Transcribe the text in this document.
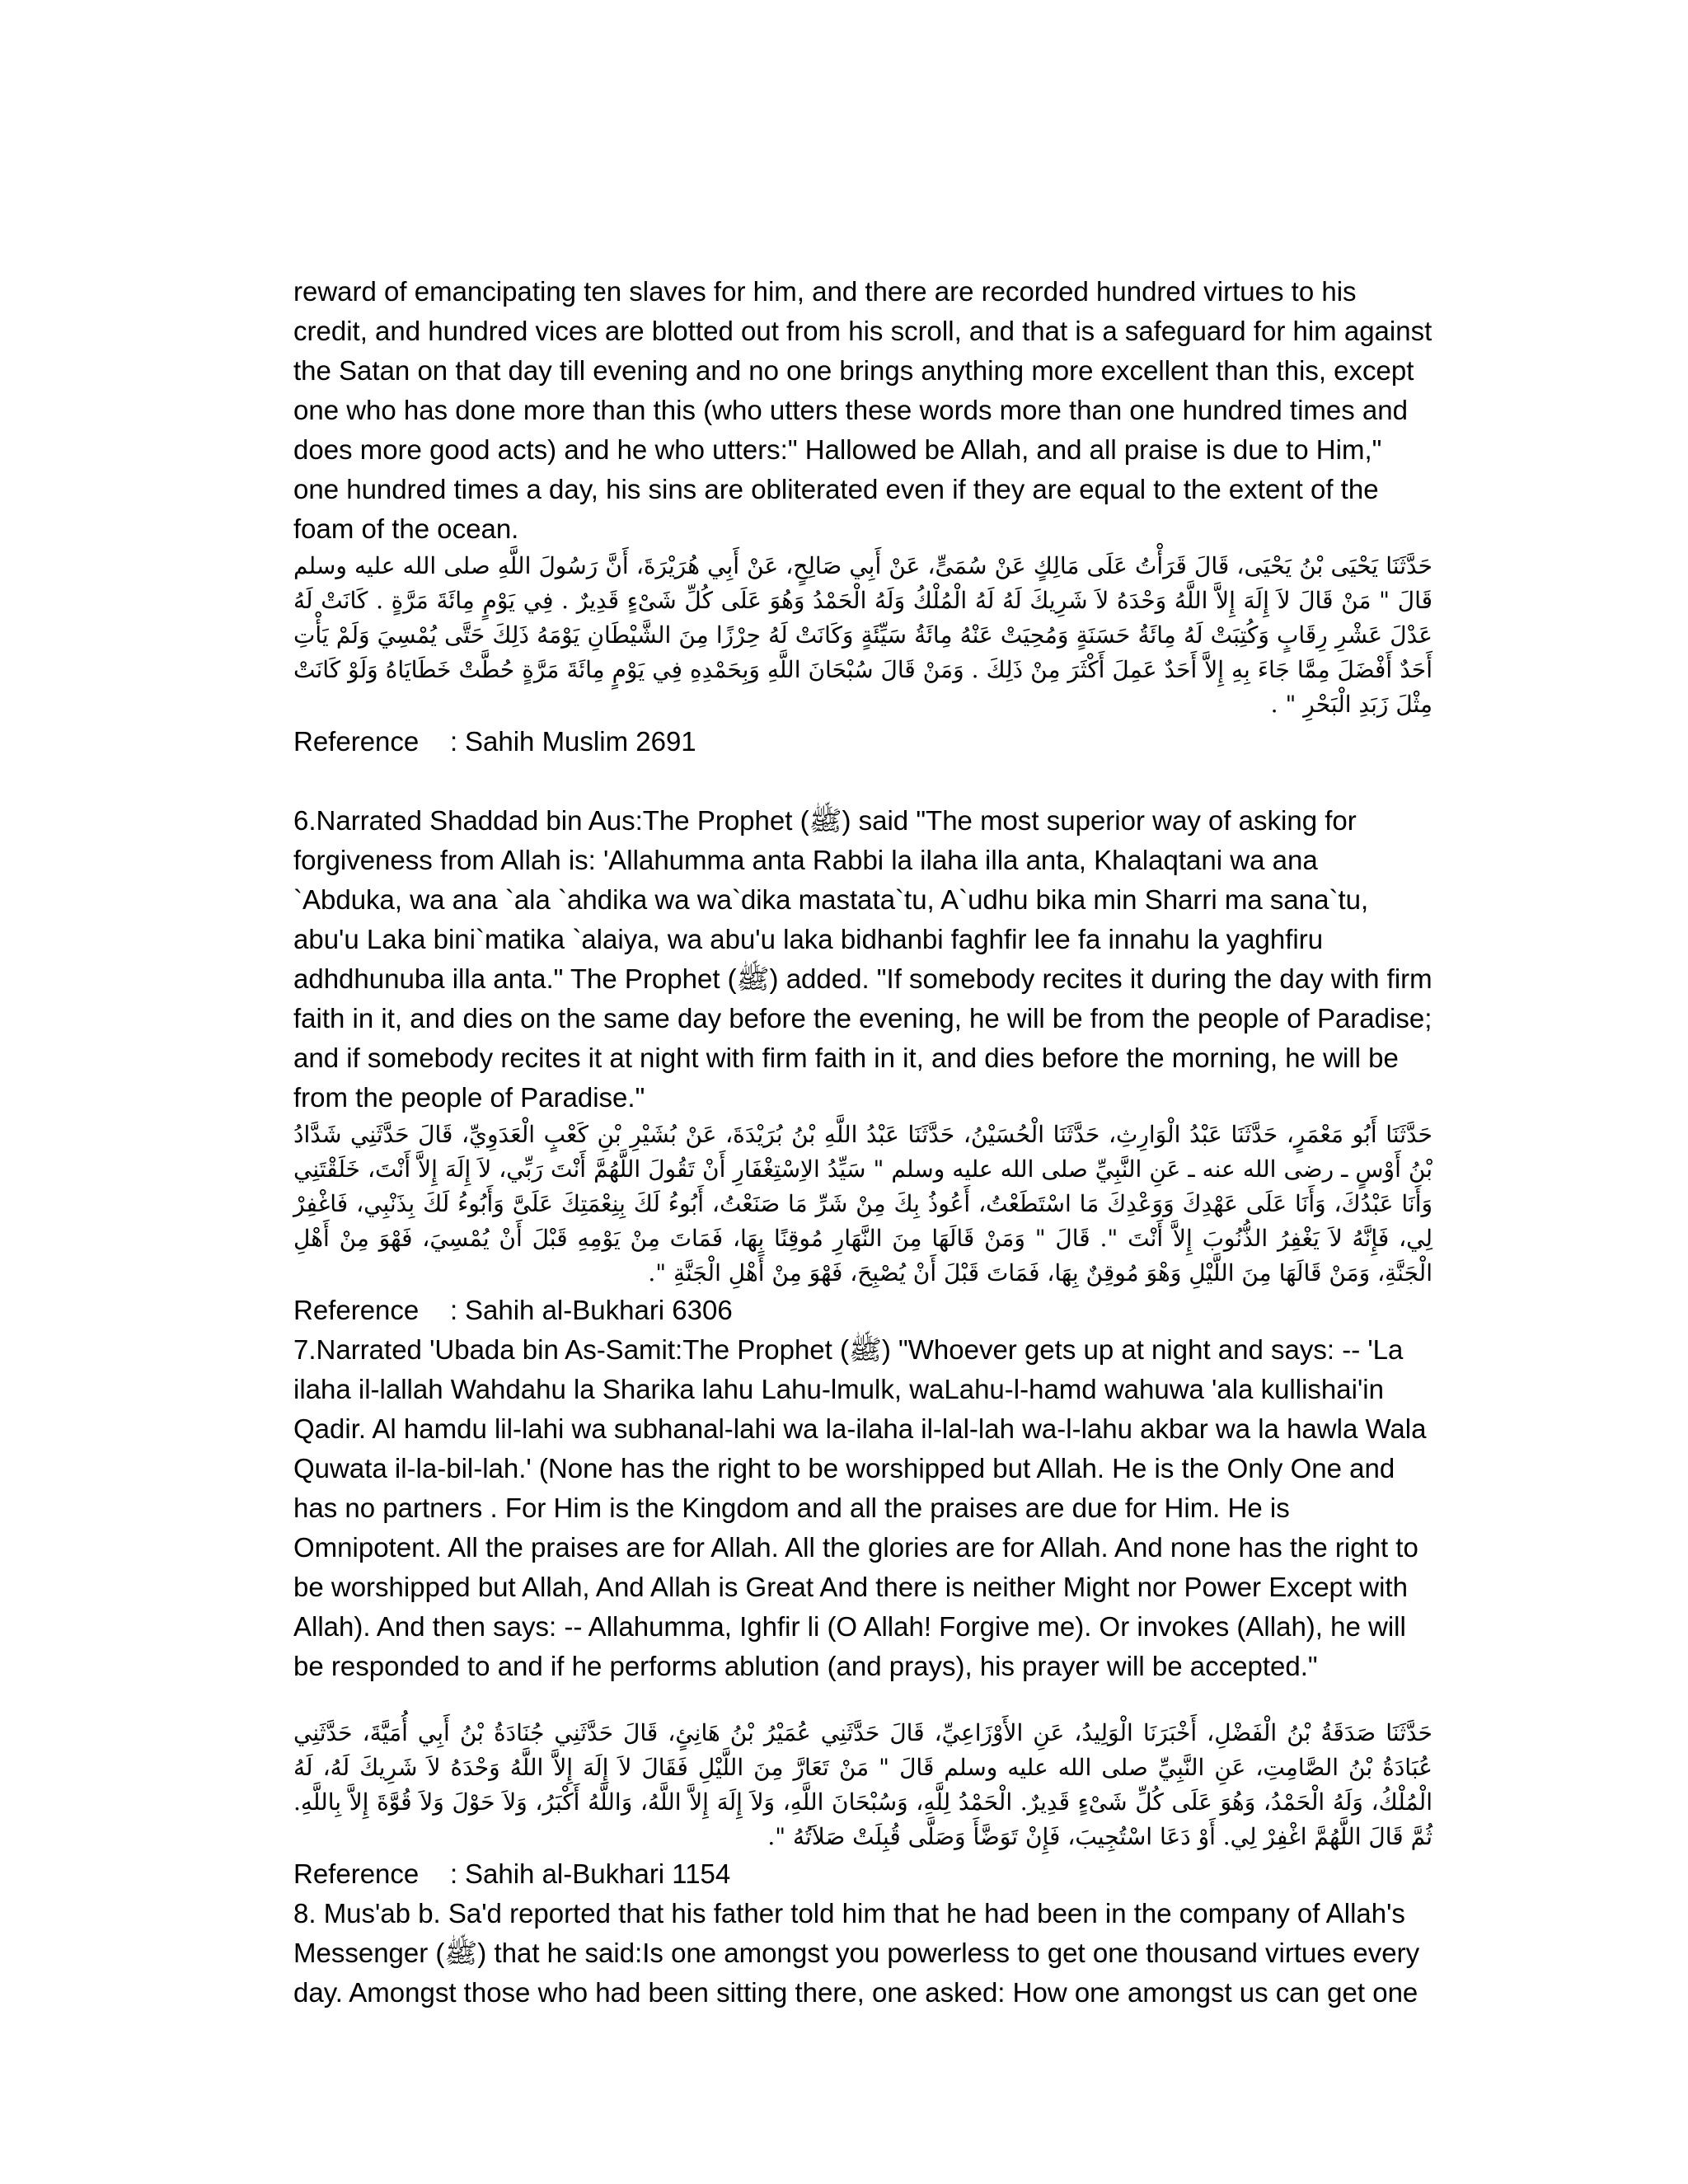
reward of emancipating ten slaves for him, and there are recorded hundred virtues to his credit, and hundred vices are blotted out from his scroll, and that is a safeguard for him against the Satan on that day till evening and no one brings anything more excellent than this, except one who has done more than this (who utters these words more than one hundred times and does more good acts) and he who utters:" Hallowed be Allah, and all praise is due to Him," one hundred times a day, his sins are obliterated even if they are equal to the extent of the foam of the ocean.

حَدَّثَنَا يَحْيَى بْنُ يَحْيَى، قَالَ قَرَأْتُ عَلَى مَالِكٍ عَنْ سُمَىٍّ، عَنْ أَبِي صَالِحٍ، عَنْ أَبِي هُرَيْرَةَ، أَنَّ رَسُولَ اللَّهِ صلى الله عليه وسلم قَالَ " مَنْ قَالَ لاَ إِلَهَ إِلاَّ اللَّهُ وَحْدَهُ لاَ شَرِيكَ لَهُ لَهُ الْمُلْكُ وَلَهُ الْحَمْدُ وَهُوَ عَلَى كُلِّ شَىْءٍ قَدِيرٌ ‏.‏ فِي يَوْمٍ مِائَةَ مَرَّةٍ ‏.‏ كَانَتْ لَهُ عَدْلَ عَشْرِ رِقَابٍ وَكُتِبَتْ لَهُ مِائَةُ حَسَنَةٍ وَمُحِيَتْ عَنْهُ مِائَةُ سَيِّئَةٍ وَكَانَتْ لَهُ حِرْزًا مِنَ الشَّيْطَانِ يَوْمَهُ ذَلِكَ حَتَّى يُمْسِيَ وَلَمْ يَأْتِ أَحَدٌ أَفْضَلَ مِمَّا جَاءَ بِهِ إِلاَّ أَحَدٌ عَمِلَ أَكْثَرَ مِنْ ذَلِكَ ‏.‏ وَمَنْ قَالَ سُبْحَانَ اللَّهِ وَبِحَمْدِهِ فِي يَوْمٍ مِائَةَ مَرَّةٍ حُطَّتْ خَطَايَاهُ وَلَوْ كَانَتْ مِثْلَ زَبَدِ الْبَحْرِ " ‏.‏

Reference	: Sahih Muslim 2691

6.Narrated Shaddad bin Aus:The Prophet (ﷺ) said "The most superior way of asking for forgiveness from Allah is: 'Allahumma anta Rabbi la ilaha illa anta, Khalaqtani wa ana `Abduka, wa ana `ala `ahdika wa wa`dika mastata`tu, A`udhu bika min Sharri ma sana`tu, abu'u Laka bini`matika `alaiya, wa abu'u laka bidhanbi faghfir lee fa innahu la yaghfiru adhdhunuba illa anta." The Prophet (ﷺ) added. "If somebody recites it during the day with firm faith in it, and dies on the same day before the evening, he will be from the people of Paradise; and if somebody recites it at night with firm faith in it, and dies before the morning, he will be from the people of Paradise."

حَدَّثَنَا أَبُو مَعْمَرٍ، حَدَّثَنَا عَبْدُ الْوَارِثِ، حَدَّثَنَا الْحُسَيْنُ، حَدَّثَنَا عَبْدُ اللَّهِ بْنُ بُرَيْدَةَ، عَنْ بُشَيْرِ بْنِ كَعْبٍ الْعَدَوِيِّ، قَالَ حَدَّثَنِي شَدَّادُ بْنُ أَوْسٍ ـ رضى الله عنه ـ عَنِ النَّبِيِّ صلى الله عليه وسلم " سَيِّدُ الاِسْتِغْفَارِ أَنْ تَقُولَ اللَّهُمَّ أَنْتَ رَبِّي، لاَ إِلَهَ إِلاَّ أَنْتَ، خَلَقْتَنِي وَأَنَا عَبْدُكَ، وَأَنَا عَلَى عَهْدِكَ وَوَعْدِكَ مَا اسْتَطَعْتُ، أَعُوذُ بِكَ مِنْ شَرِّ مَا صَنَعْتُ، أَبُوءُ لَكَ بِنِعْمَتِكَ عَلَىَّ وَأَبُوءُ لَكَ بِذَنْبِي، فَاغْفِرْ لِي، فَإِنَّهُ لاَ يَغْفِرُ الذُّنُوبَ إِلاَّ أَنْتَ ". قَالَ " وَمَنْ قَالَهَا مِنَ النَّهَارِ مُوقِنًا بِهَا، فَمَاتَ مِنْ يَوْمِهِ قَبْلَ أَنْ يُمْسِيَ، فَهْوَ مِنْ أَهْلِ الْجَنَّةِ، وَمَنْ قَالَهَا مِنَ اللَّيْلِ وَهْوَ مُوقِنٌ بِهَا، فَمَاتَ قَبْلَ أَنْ يُصْبِحَ، فَهْوَ مِنْ أَهْلِ الْجَنَّةِ ".

Reference	: Sahih al-Bukhari 6306

7.Narrated 'Ubada bin As-Samit:The Prophet (ﷺ) "Whoever gets up at night and says: -- 'La ilaha il-lallah Wahdahu la Sharika lahu Lahu-lmulk, waLahu-l-hamd wahuwa 'ala kullishai'in Qadir. Al hamdu lil-lahi wa subhanal-lahi wa la-ilaha il-lal-lah wa-l-lahu akbar wa la hawla Wala Quwata il-la-bil-lah.' (None has the right to be worshipped but Allah. He is the Only One and has no partners . For Him is the Kingdom and all the praises are due for Him. He is Omnipotent. All the praises are for Allah. All the glories are for Allah. And none has the right to be worshipped but Allah, And Allah is Great And there is neither Might nor Power Except with Allah). And then says: -- Allahumma, Ighfir li (O Allah! Forgive me). Or invokes (Allah), he will be responded to and if he performs ablution (and prays), his prayer will be accepted."

حَدَّثَنَا صَدَقَةُ بْنُ الْفَضْلِ، أَخْبَرَنَا الْوَلِيدُ، عَنِ الأَوْزَاعِيِّ، قَالَ حَدَّثَنِي عُمَيْرُ بْنُ هَانِئٍ، قَالَ حَدَّثَنِي جُنَادَةُ بْنُ أَبِي أُمَيَّةَ، حَدَّثَنِي عُبَادَةُ بْنُ الصَّامِتِ، عَنِ النَّبِيِّ صلى الله عليه وسلم قَالَ " مَنْ تَعَارَّ مِنَ اللَّيْلِ فَقَالَ لاَ إِلَهَ إِلاَّ اللَّهُ وَحْدَهُ لاَ شَرِيكَ لَهُ، لَهُ الْمُلْكُ، وَلَهُ الْحَمْدُ، وَهُوَ عَلَى كُلِّ شَىْءٍ قَدِيرٌ‏.‏ الْحَمْدُ لِلَّهِ، وَسُبْحَانَ اللَّهِ، وَلاَ إِلَهَ إِلاَّ اللَّهُ، وَاللَّهُ أَكْبَرُ، وَلاَ حَوْلَ وَلاَ قُوَّةَ إِلاَّ بِاللَّهِ‏.‏ ثُمَّ قَالَ اللَّهُمَّ اغْفِرْ لِي‏.‏ أَوْ دَعَا اسْتُجِيبَ، فَإِنْ تَوَضَّأَ وَصَلَّى قُبِلَتْ صَلاَتُهُ ".

Reference	: Sahih al-Bukhari 1154

8. Mus'ab b. Sa'd reported that his father told him that he had been in the company of Allah's Messenger (ﷺ) that he said:Is one amongst you powerless to get one thousand virtues every day. Amongst those who had been sitting there, one asked: How one amongst us can get one
